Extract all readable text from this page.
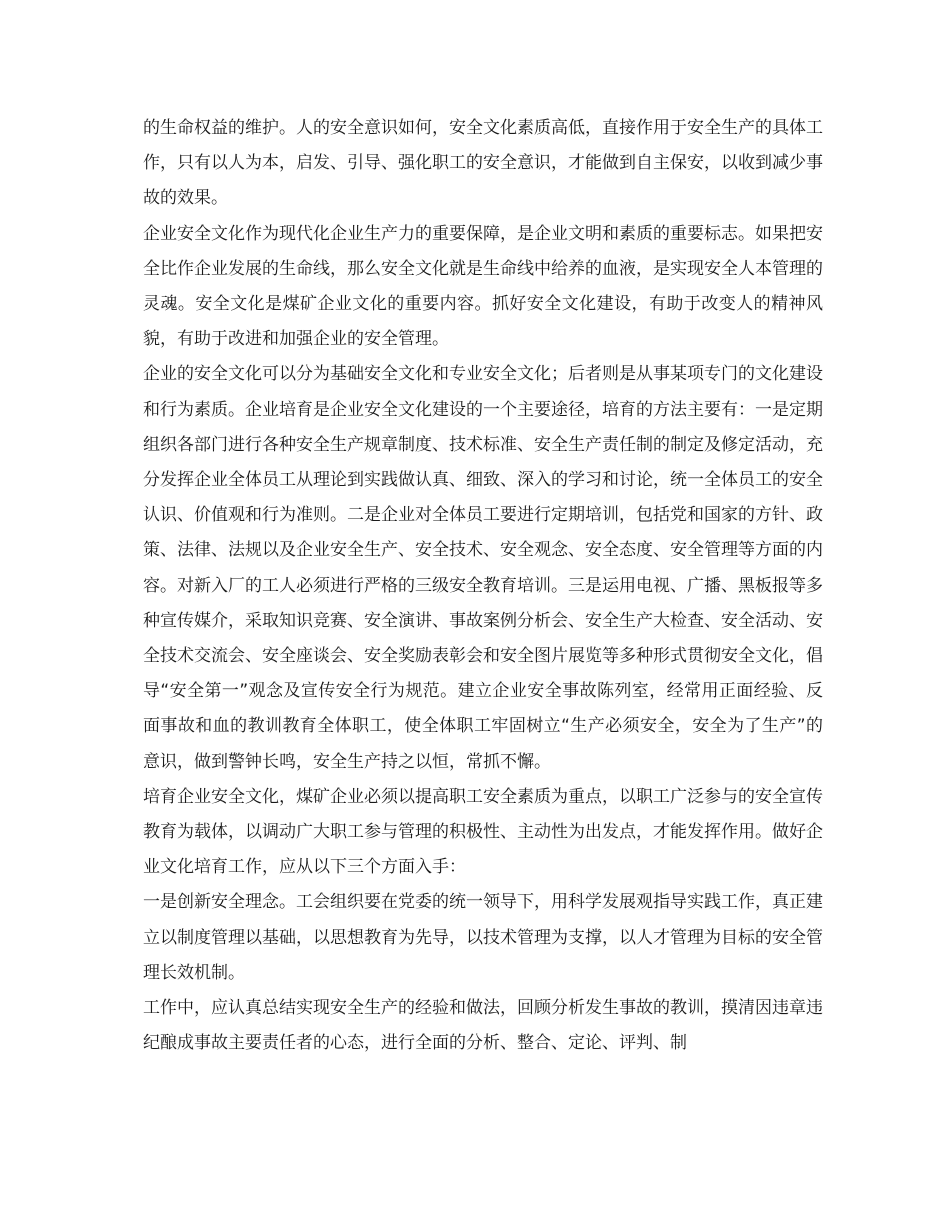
的生命权益的维护。人的安全意识如何，安全文化素质高低，直接作用于安全生产的具体工作，只有以人为本，启发、引导、强化职工的安全意识，才能做到自主保安，以收到减少事故的效果。

企业安全文化作为现代化企业生产力的重要保障，是企业文明和素质的重要标志。如果把安全比作企业发展的生命线，那么安全文化就是生命线中给养的血液，是实现安全人本管理的灵魂。安全文化是煤矿企业文化的重要内容。抓好安全文化建设，有助于改变人的精神风貌，有助于改进和加强企业的安全管理。

企业的安全文化可以分为基础安全文化和专业安全文化；后者则是从事某项专门的文化建设和行为素质。企业培育是企业安全文化建设的一个主要途径，培育的方法主要有：一是定期组织各部门进行各种安全生产规章制度、技术标准、安全生产责任制的制定及修定活动，充分发挥企业全体员工从理论到实践做认真、细致、深入的学习和讨论，统一全体员工的安全认识、价值观和行为准则。二是企业对全体员工要进行定期培训，包括党和国家的方针、政策、法律、法规以及企业安全生产、安全技术、安全观念、安全态度、安全管理等方面的内容。对新入厂的工人必须进行严格的三级安全教育培训。三是运用电视、广播、黑板报等多种宣传媒介，采取知识竞赛、安全演讲、事故案例分析会、安全生产大检查、安全活动、安全技术交流会、安全座谈会、安全奖励表彰会和安全图片展览等多种形式贯彻安全文化，倡导“安全第一”观念及宣传安全行为规范。建立企业安全事故陈列室，经常用正面经验、反面事故和血的教训教育全体职工，使全体职工牢固树立“生产必须安全，安全为了生产”的意识，做到警钟长鸣，安全生产持之以恒，常抓不懈。

培育企业安全文化，煤矿企业必须以提高职工安全素质为重点，以职工广泛参与的安全宣传教育为载体，以调动广大职工参与管理的积极性、主动性为出发点，才能发挥作用。做好企业文化培育工作，应从以下三个方面入手：

一是创新安全理念。工会组织要在党委的统一领导下，用科学发展观指导实践工作，真正建立以制度管理以基础，以思想教育为先导，以技术管理为支撑，以人才管理为目标的安全管理长效机制。

工作中，应认真总结实现安全生产的经验和做法，回顾分析发生事故的教训，摸清因违章违纪酿成事故主要责任者的心态，进行全面的分析、整合、定论、评判、制
